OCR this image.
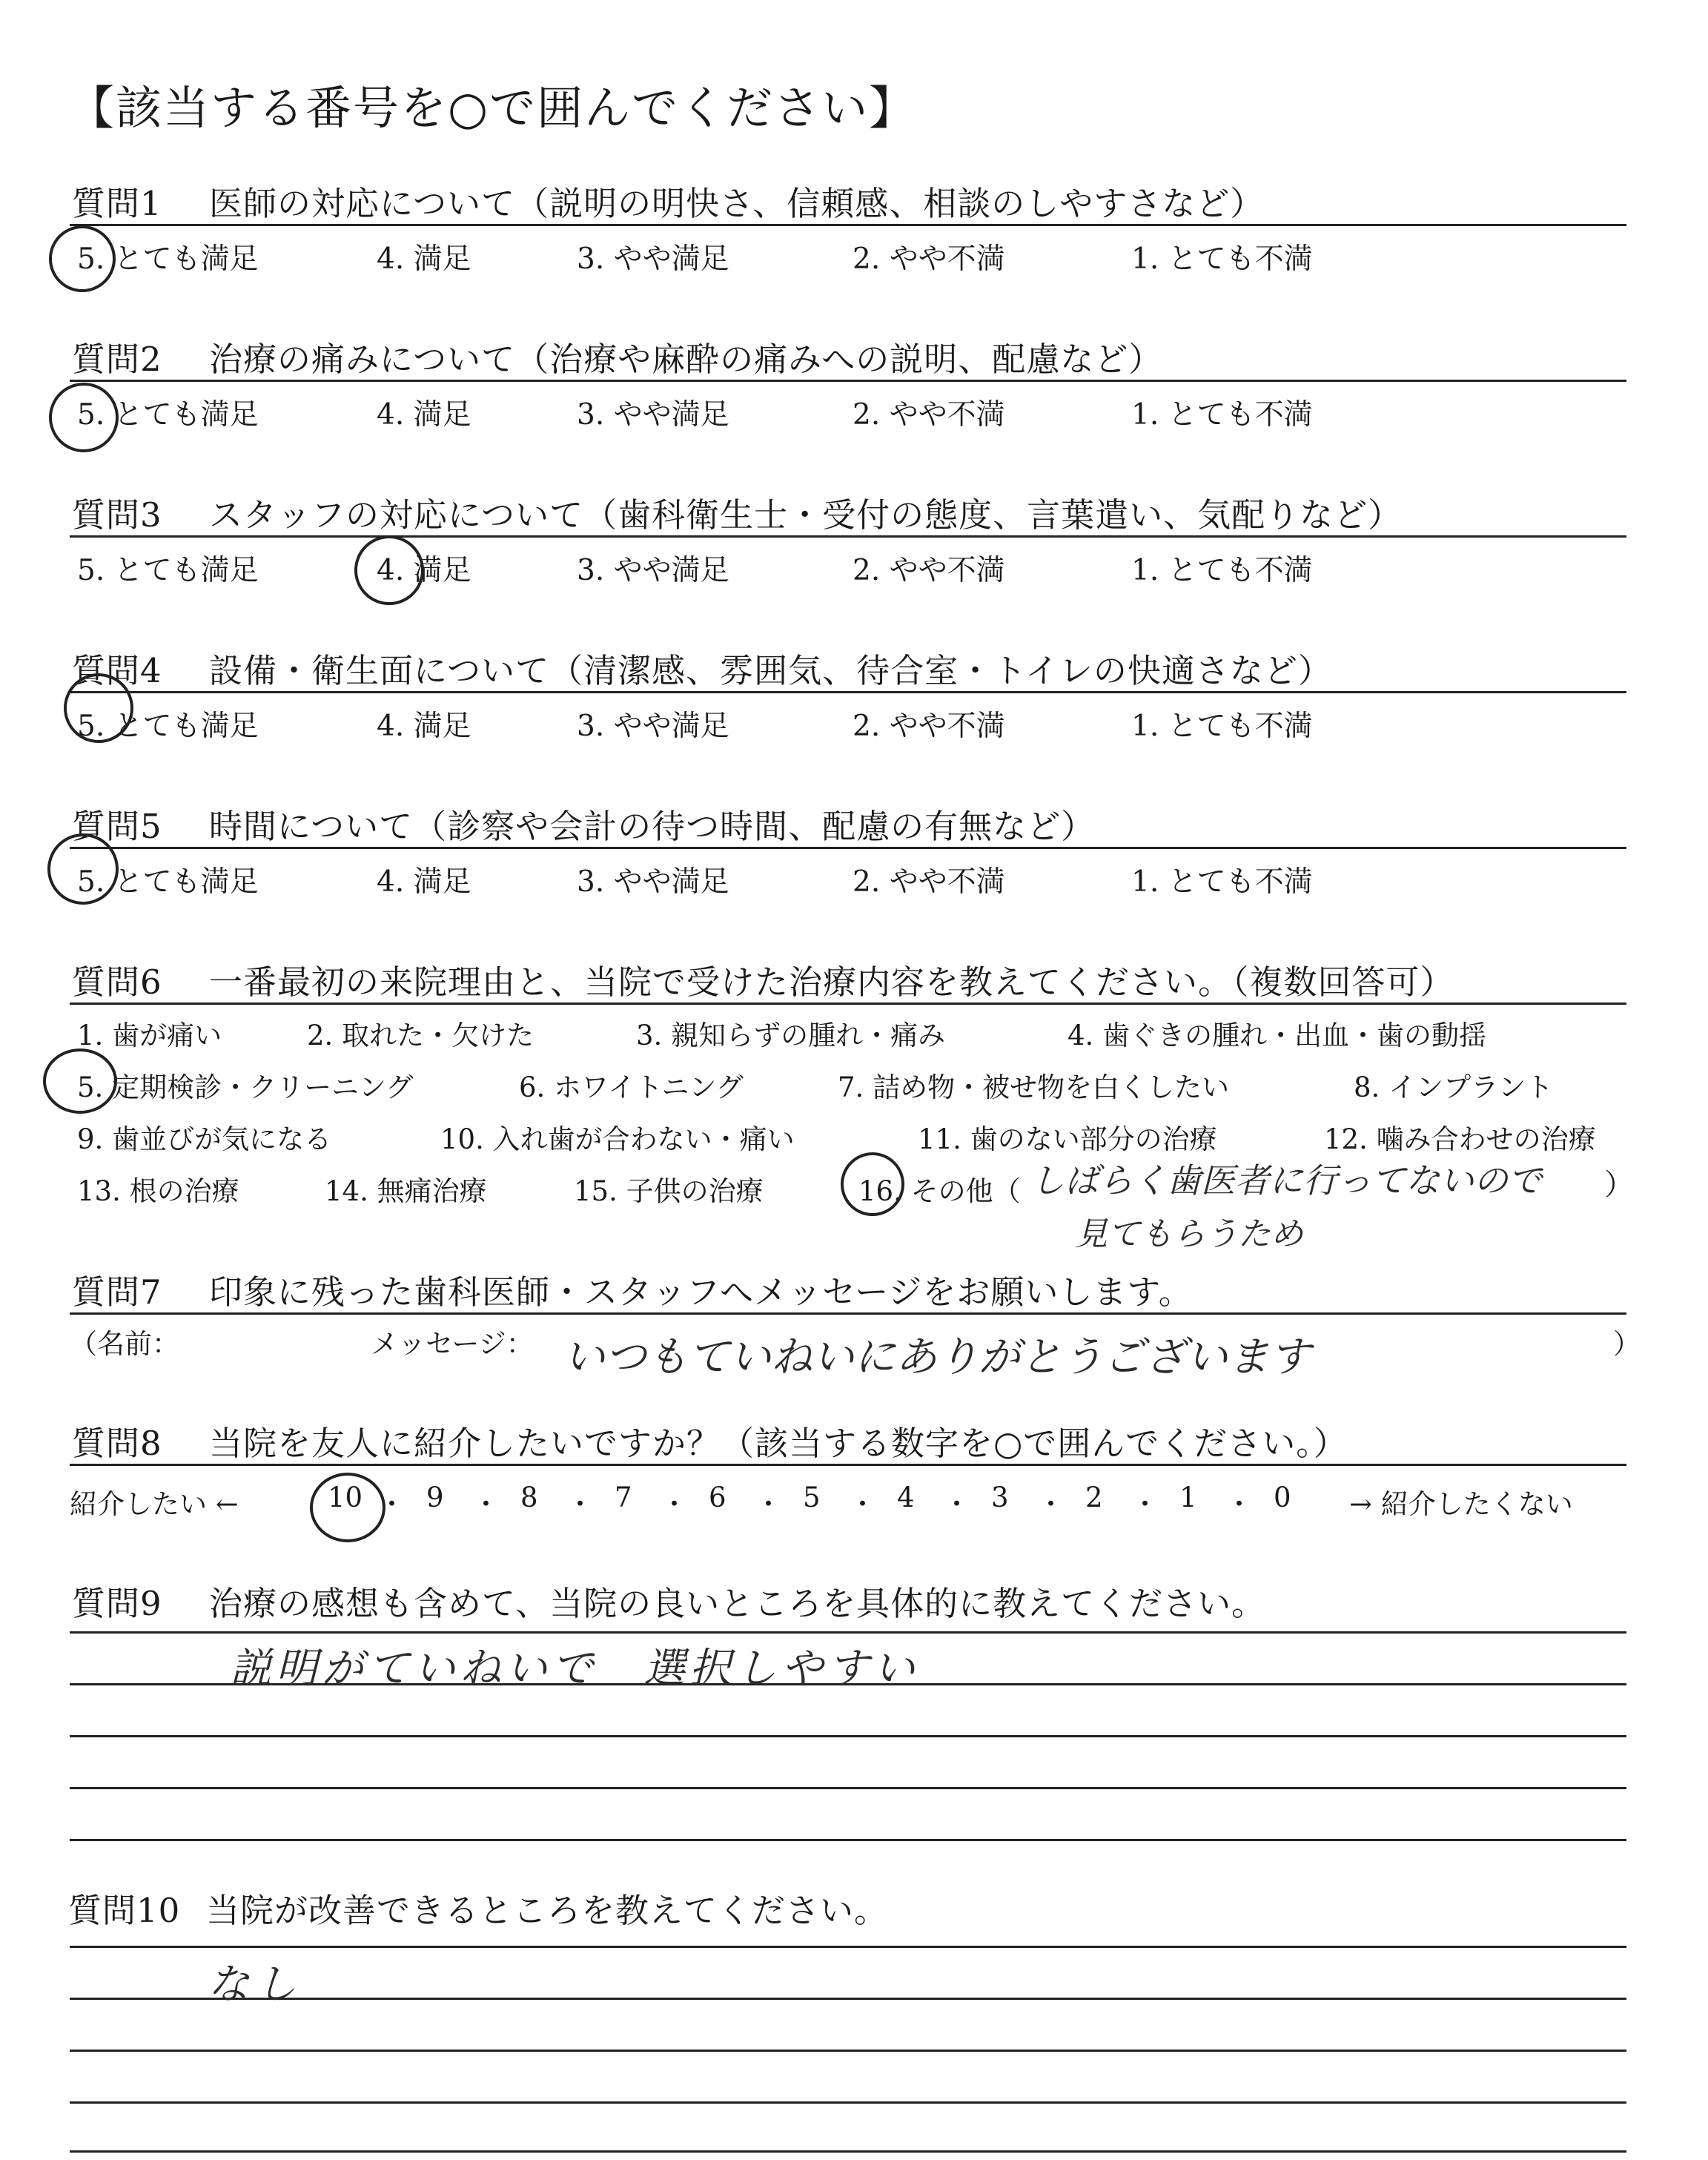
【該当する番号を○で囲んでください】
質問1 医師の対応について（説明の明快さ、信頼感、相談のしやすさなど）
5. とても満足	4. 満足	3. やや満足	2. やや不満	1. とても不満
質問2 治療の痛みについて（治療や麻酔の痛みへの説明、配慮など）
5. とても満足	4. 満足	3. やや満足	2. やや不満	1. とても不満
質問3 スタッフの対応について（歯科衛生士・受付の態度、言葉遣い、気配りなど）
5. とても満足	4. 満足	3. やや満足	2. やや不満	1. とても不満
質問4 設備・衛生面について（清潔感、雰囲気、待合室・トイレの快適さなど）
5. とても満足	4. 満足	3. やや満足	2. やや不満	1. とても不満
質問5 時間について（診察や会計の待つ時間、配慮の有無など）
5. とても満足	4. 満足	3. やや満足	2. やや不満	1. とても不満
質問6 一番最初の来院理由と、当院で受けた治療内容を教えてください。（複数回答可）
1. 歯が痛い	2. 取れた・欠けた	3. 親知らずの腫れ・痛み	4. 歯ぐきの腫れ・出血・歯の動揺
5. 定期検診・クリーニング	6. ホワイトニング	7. 詰め物・被せ物を白くしたい	8. インプラント
9. 歯並びが気になる	10. 入れ歯が合わない・痛い	11. 歯のない部分の治療	12. 噛み合わせの治療
13. 根の治療	14. 無痛治療	15. 子供の治療	16. その他（ しばらく歯医者に行ってないので ）
見てもらうため
質問7 印象に残った歯科医師・スタッフへメッセージをお願いします。
（名前：	メッセージ： いつもていねいにありがとうございます	）
質問8 当院を友人に紹介したいですか？（該当する数字を○で囲んでください。）
紹介したい ←	→ 紹介したくない
10 ・ 9 ・ 8 ・ 7 ・ 6 ・ 5 ・ 4 ・ 3 ・ 2 ・ 1 ・ 0
質問9 治療の感想も含めて、当院の良いところを具体的に教えてください。
説明がていねいで　選択しやすい
質問10 当院が改善できるところを教えてください。
なし
